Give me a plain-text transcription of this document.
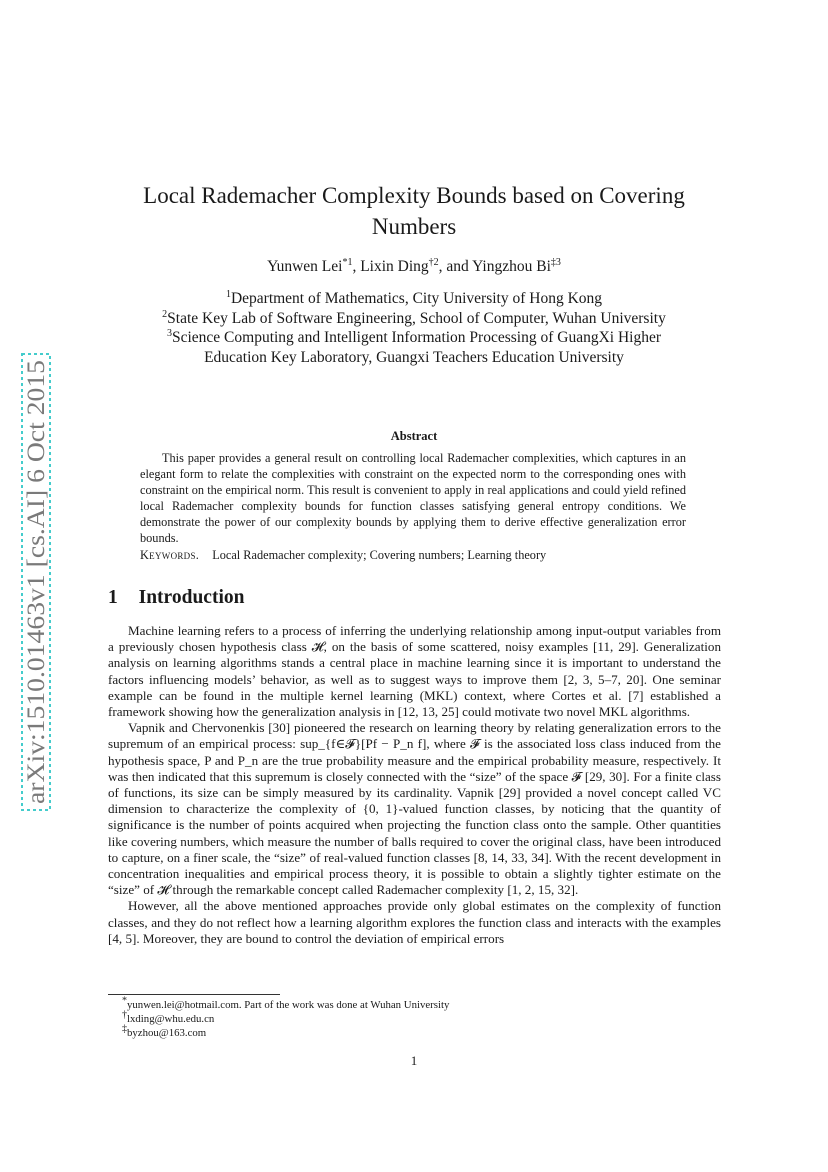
arXiv:1510.01463v1 [cs.AI] 6 Oct 2015
Local Rademacher Complexity Bounds based on Covering Numbers
Yunwen Lei$^{*1}$, Lixin Ding$^{\dagger 2}$, and Yingzhou Bi$^{\ddagger 3}$
$^1$Department of Mathematics, City University of Hong Kong
$^2$State Key Lab of Software Engineering, School of Computer, Wuhan University
$^3$Science Computing and Intelligent Information Processing of GuangXi Higher
Education Key Laboratory, Guangxi Teachers Education University
Abstract

This paper provides a general result on controlling local Rademacher complexities, which captures in an elegant form to relate the complexities with constraint on the expected norm to the corresponding ones with constraint on the empirical norm. This result is convenient to apply in real applications and could yield refined local Rademacher complexity bounds for function classes satisfying general entropy conditions. We demonstrate the power of our complexity bounds by applying them to derive effective generalization error bounds.

Keywords. Local Rademacher complexity; Covering numbers; Learning theory
1 Introduction

Machine learning refers to a process of inferring the underlying relationship among input-output variables from a previously chosen hypothesis class 𝓗, on the basis of some scattered, noisy examples [11, 29]. Generalization analysis on learning algorithms stands a central place in machine learning since it is important to understand the factors influencing models’ behavior, as well as to suggest ways to improve them [2, 3, 5–7, 20]. One seminar example can be found in the multiple kernel learning (MKL) context, where Cortes et al. [7] established a framework showing how the generalization analysis in [12, 13, 25] could motivate two novel MKL algorithms.

Vapnik and Chervonenkis [30] pioneered the research on learning theory by relating generalization errors to the supremum of an empirical process: sup_{f∈𝓕}[Pf − P_n f], where 𝓕 is the associated loss class induced from the hypothesis space, P and P_n are the true probability measure and the empirical probability measure, respectively. It was then indicated that this supremum is closely connected with the “size” of the space 𝓕 [29, 30]. For a finite class of functions, its size can be simply measured by its cardinality. Vapnik [29] provided a novel concept called VC dimension to characterize the complexity of {0, 1}-valued function classes, by noticing that the quantity of significance is the number of points acquired when projecting the function class onto the sample. Other quantities like covering numbers, which measure the number of balls required to cover the original class, have been introduced to capture, on a finer scale, the “size” of real-valued function classes [8, 14, 33, 34]. With the recent development in concentration inequalities and empirical process theory, it is possible to obtain a slightly tighter estimate on the “size” of 𝓗 through the remarkable concept called Rademacher complexity [1, 2, 15, 32].

However, all the above mentioned approaches provide only global estimates on the complexity of function classes, and they do not reflect how a learning algorithm explores the function class and interacts with the examples [4, 5]. Moreover, they are bound to control the deviation of empirical errors

*yunwen.lei@hotmail.com. Part of the work was done at Wuhan University
†lxding@whu.edu.cn
‡byzhou@163.com
1
